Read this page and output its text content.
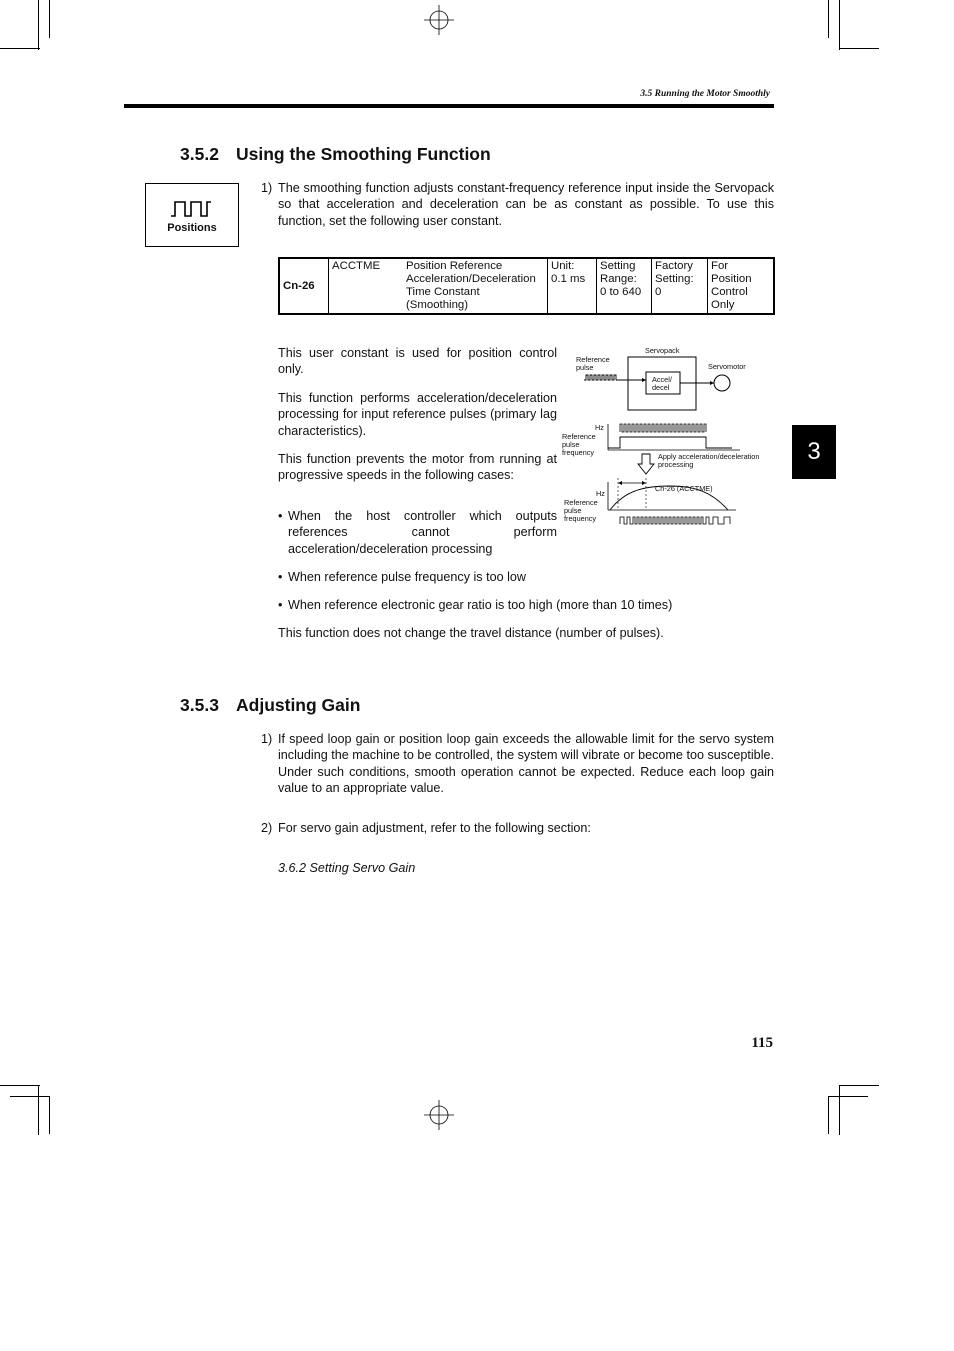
3.5 Running the Motor Smoothly
3.5.2 Using the Smoothing Function
Positions
1) The smoothing function adjusts constant-frequency reference input inside the Servopack so that acceleration and deceleration can be as constant as possible. To use this function, set the following user constant.
Cn-26	ACCTME	Position Reference
Acceleration/Deceleration
Time Constant
(Smoothing)

Unit:
0.1 ms

Setting
Range:
0 to 640

Factory
Setting:
0

For
Position
Control
Only
This user constant is used for position control only.
This function performs acceleration/deceleration processing for input reference pulses (primary lag characteristics).
This function prevents the motor from running at progressive speeds in the following cases:
• When the host controller which outputs references cannot perform acceleration/deceleration processing
• When reference pulse frequency is too low
• When reference electronic gear ratio is too high (more than 10 times)
This function does not change the travel distance (number of pulses).
Servopack
Reference
pulse	Servomotor
Accel/
decel
Hz
Reference
pulse
frequency	Apply acceleration/deceleration
processing
Cn-26 (ACCTME)
Hz
Reference
pulse
frequency
3.5.3 Adjusting Gain
1) If speed loop gain or position loop gain exceeds the allowable limit for the servo system including the machine to be controlled, the system will vibrate or become too susceptible. Under such conditions, smooth operation cannot be expected. Reduce each loop gain value to an appropriate value.
2) For servo gain adjustment, refer to the following section:
3.6.2 Setting Servo Gain
3
115
